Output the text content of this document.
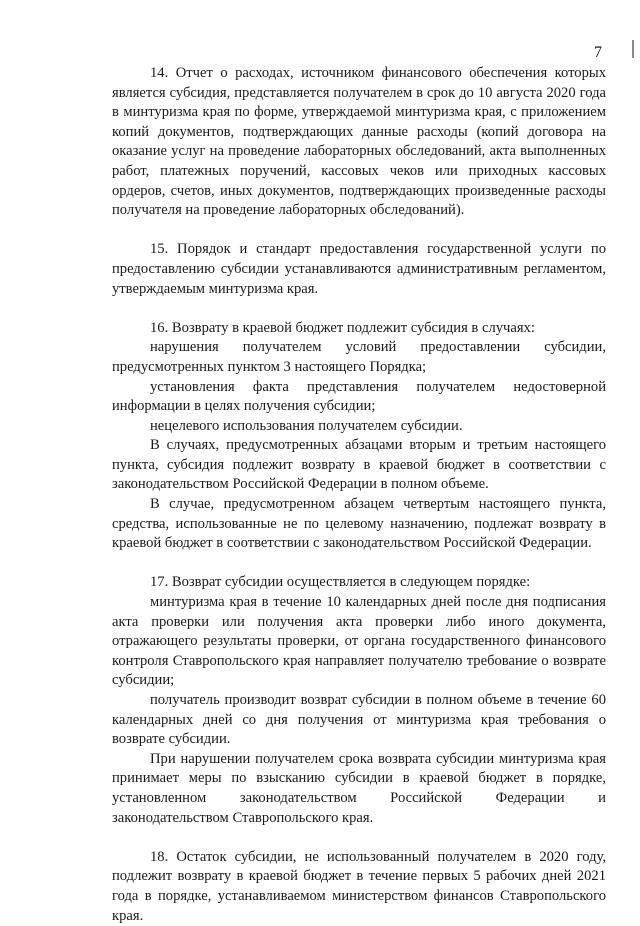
7

14. Отчет о расходах, источником финансового обеспечения которых является субсидия, представляется получателем в срок до 10 августа 2020 года в минтуризма края по форме, утверждаемой минтуризма края, с приложением копий документов, подтверждающих данные расходы (копий договора на оказание услуг на проведение лабораторных обследований, акта выполненных работ, платежных поручений, кассовых чеков или приходных кассовых ордеров, счетов, иных документов, подтверждающих произведенные расходы получателя на проведение лабораторных обследований).

15. Порядок и стандарт предоставления государственной услуги по предоставлению субсидии устанавливаются административным регламентом, утверждаемым минтуризма края.

16. Возврату в краевой бюджет подлежит субсидия в случаях:

нарушения получателем условий предоставлении субсидии, предусмотренных пунктом 3 настоящего Порядка;

установления факта представления получателем недостоверной информации в целях получения субсидии;

нецелевого использования получателем субсидии.

В случаях, предусмотренных абзацами вторым и третьим настоящего пункта, субсидия подлежит возврату в краевой бюджет в соответствии с законодательством Российской Федерации в полном объеме.

В случае, предусмотренном абзацем четвертым настоящего пункта, средства, использованные не по целевому назначению, подлежат возврату в краевой бюджет в соответствии с законодательством Российской Федерации.

17. Возврат субсидии осуществляется в следующем порядке:

минтуризма края в течение 10 календарных дней после дня подписания акта проверки или получения акта проверки либо иного документа, отражающего результаты проверки, от органа государственного финансового контроля Ставропольского края направляет получателю требование о возврате субсидии;

получатель производит возврат субсидии в полном объеме в течение 60 календарных дней со дня получения от минтуризма края требования о возврате субсидии.

При нарушении получателем срока возврата субсидии минтуризма края принимает меры по взысканию субсидии в краевой бюджет в порядке, установленном законодательством Российской Федерации и законодательством Ставропольского края.

18. Остаток субсидии, не использованный получателем в 2020 году, подлежит возврату в краевой бюджет в течение первых 5 рабочих дней 2021 года в порядке, устанавливаемом министерством финансов Ставропольского края.
